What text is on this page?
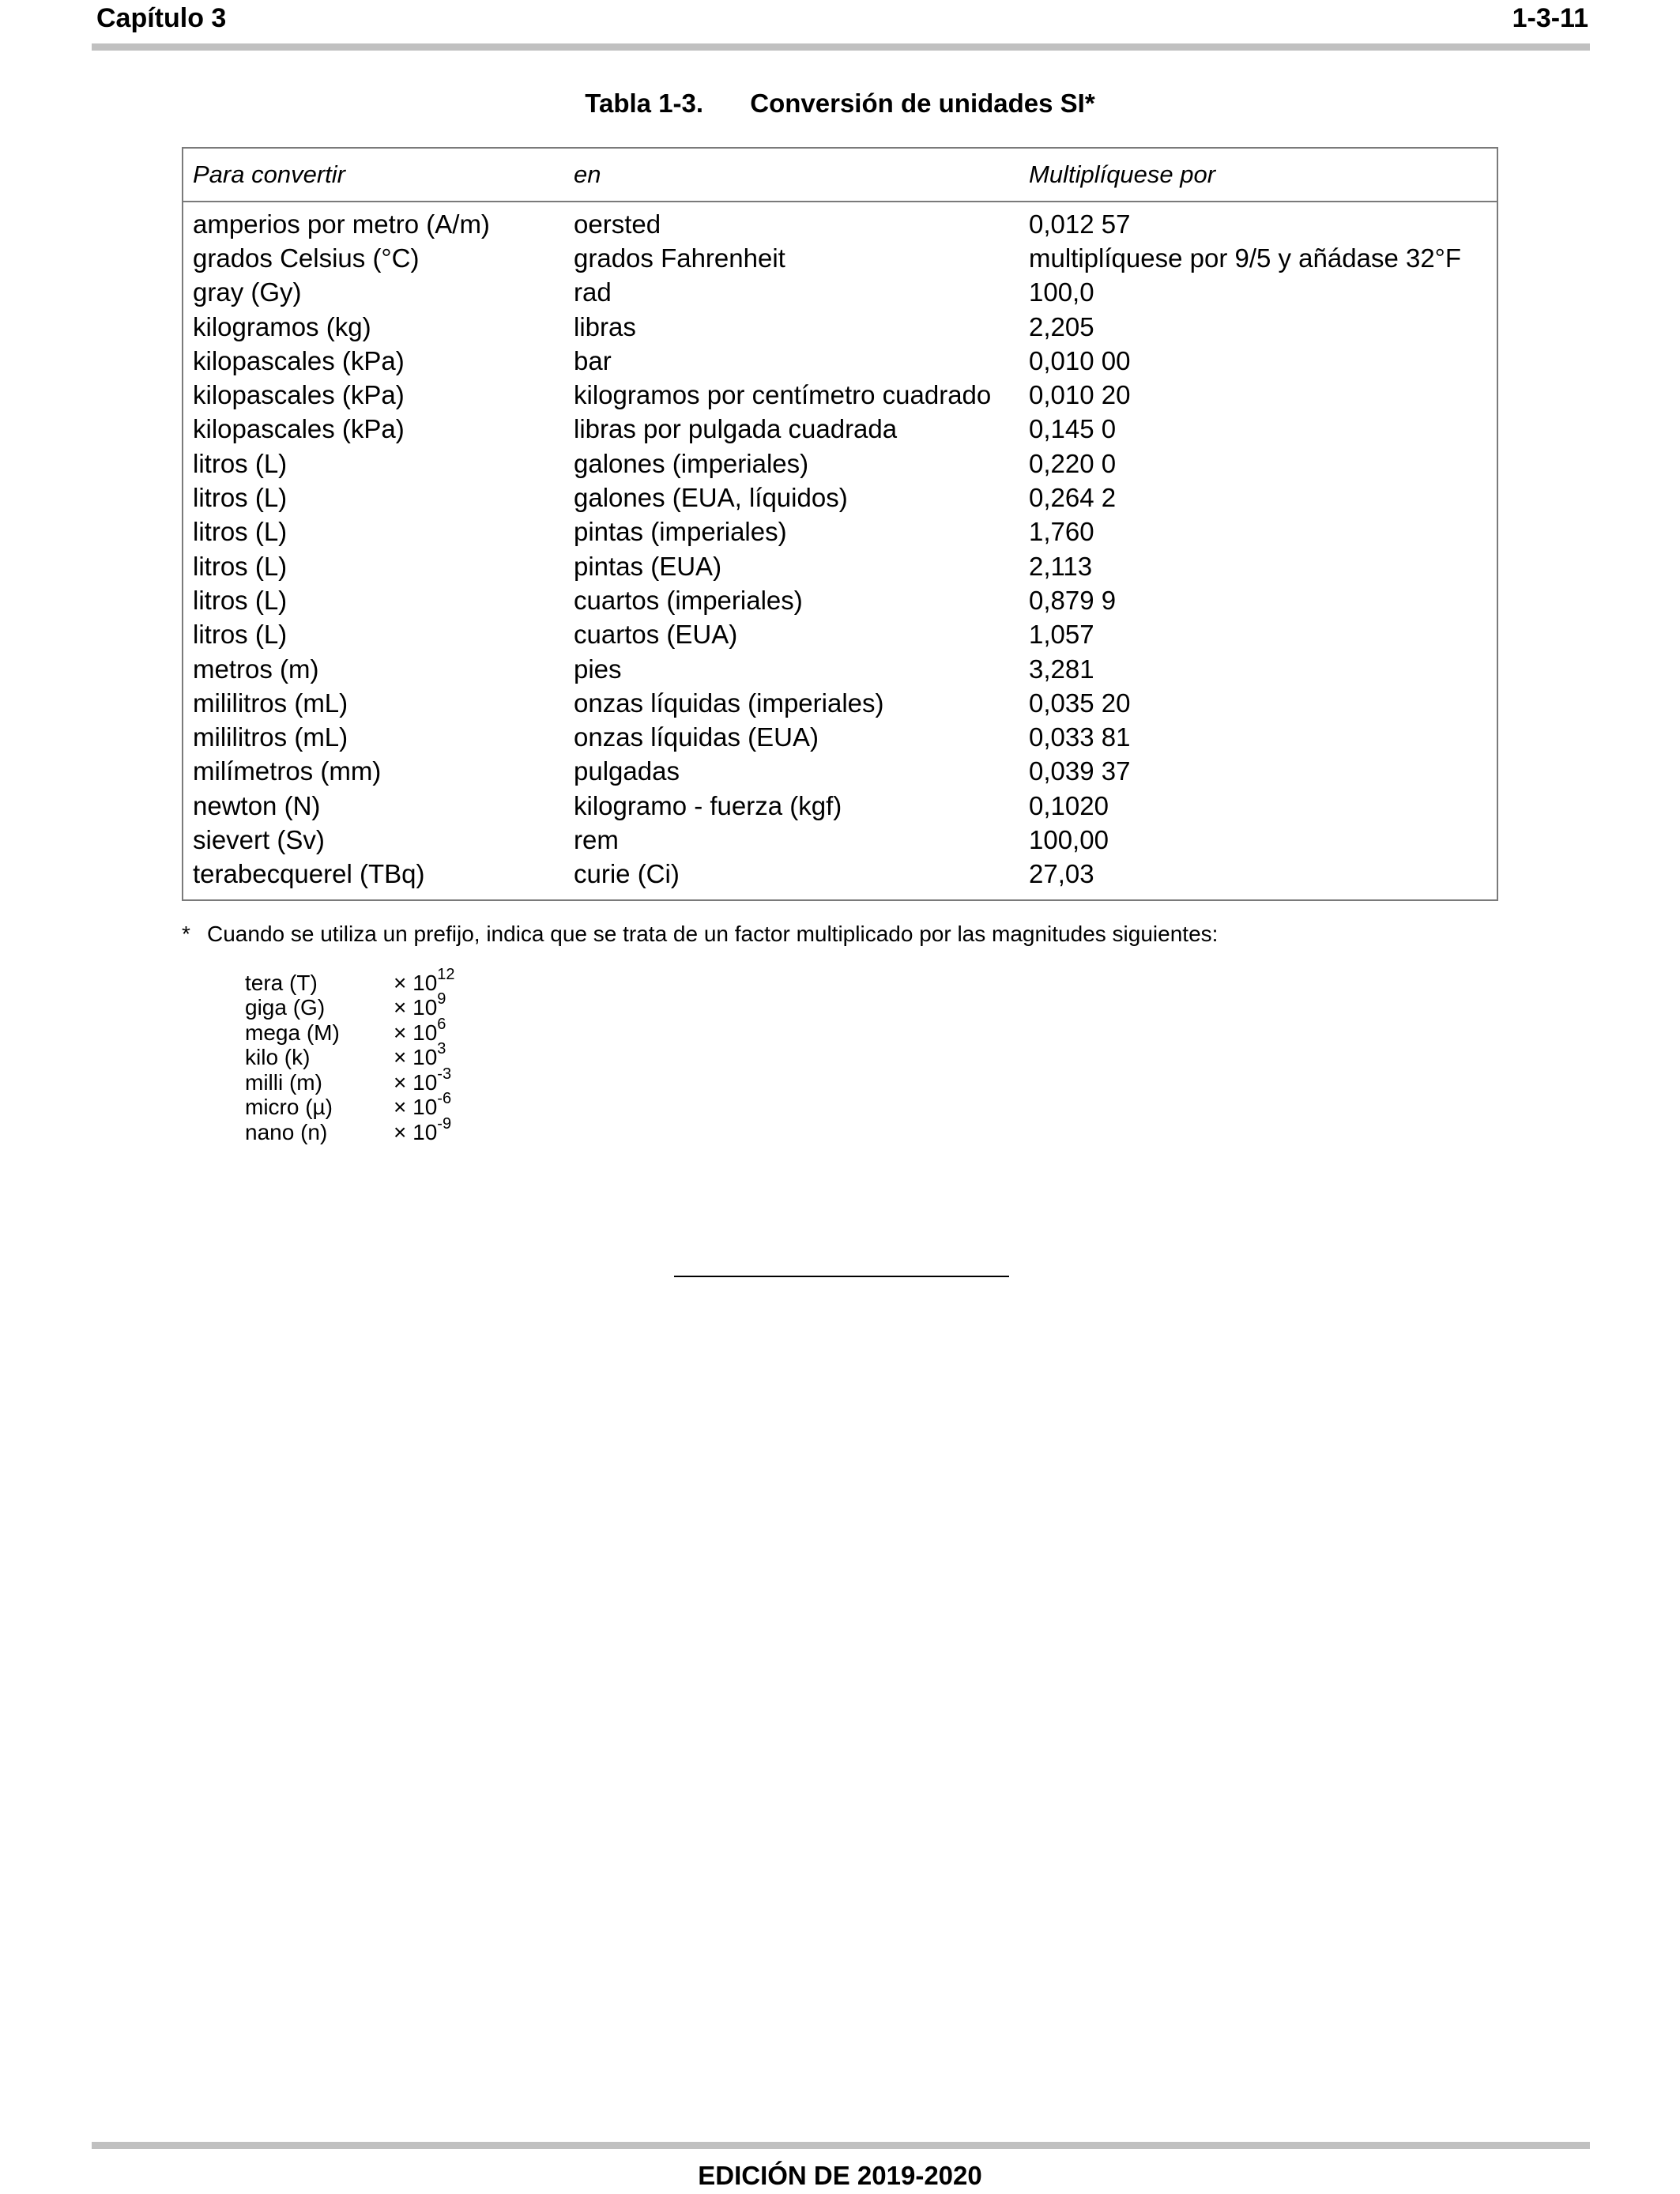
Capítulo 3	1-3-11
Tabla 1-3. Conversión de unidades SI*
Para convertir	en	Multiplíquese por
amperios por metro (A/m)	oersted	0,012 57
grados Celsius (°C)	grados Fahrenheit	multiplíquese por 9/5 y añádase 32°F
gray (Gy)	rad	100,0
kilogramos (kg)	libras	2,205
kilopascales (kPa)	bar	0,010 00
kilopascales (kPa)	kilogramos por centímetro cuadrado	0,010 20
kilopascales (kPa)	libras por pulgada cuadrada	0,145 0
litros (L)	galones (imperiales)	0,220 0
litros (L)	galones (EUA, líquidos)	0,264 2
litros (L)	pintas (imperiales)	1,760
litros (L)	pintas (EUA)	2,113
litros (L)	cuartos (imperiales)	0,879 9
litros (L)	cuartos (EUA)	1,057
metros (m)	pies	3,281
mililitros (mL)	onzas líquidas (imperiales)	0,035 20
mililitros (mL)	onzas líquidas (EUA)	0,033 81
milímetros (mm)	pulgadas	0,039 37
newton (N)	kilogramo - fuerza (kgf)	0,1020
sievert (Sv)	rem	100,00
terabecquerel (TBq)	curie (Ci)	27,03
* Cuando se utiliza un prefijo, indica que se trata de un factor multiplicado por las magnitudes siguientes:
tera (T)	× $10^{12}$
giga (G)	× $10^9$
mega (M)	× $10^6$
kilo (k)	× $10^3$
milli (m)	× $10^{-3}$
micro (µ)	× $10^{-6}$
nano (n)	× $10^{-9}$
EDICIÓN DE 2019-2020
